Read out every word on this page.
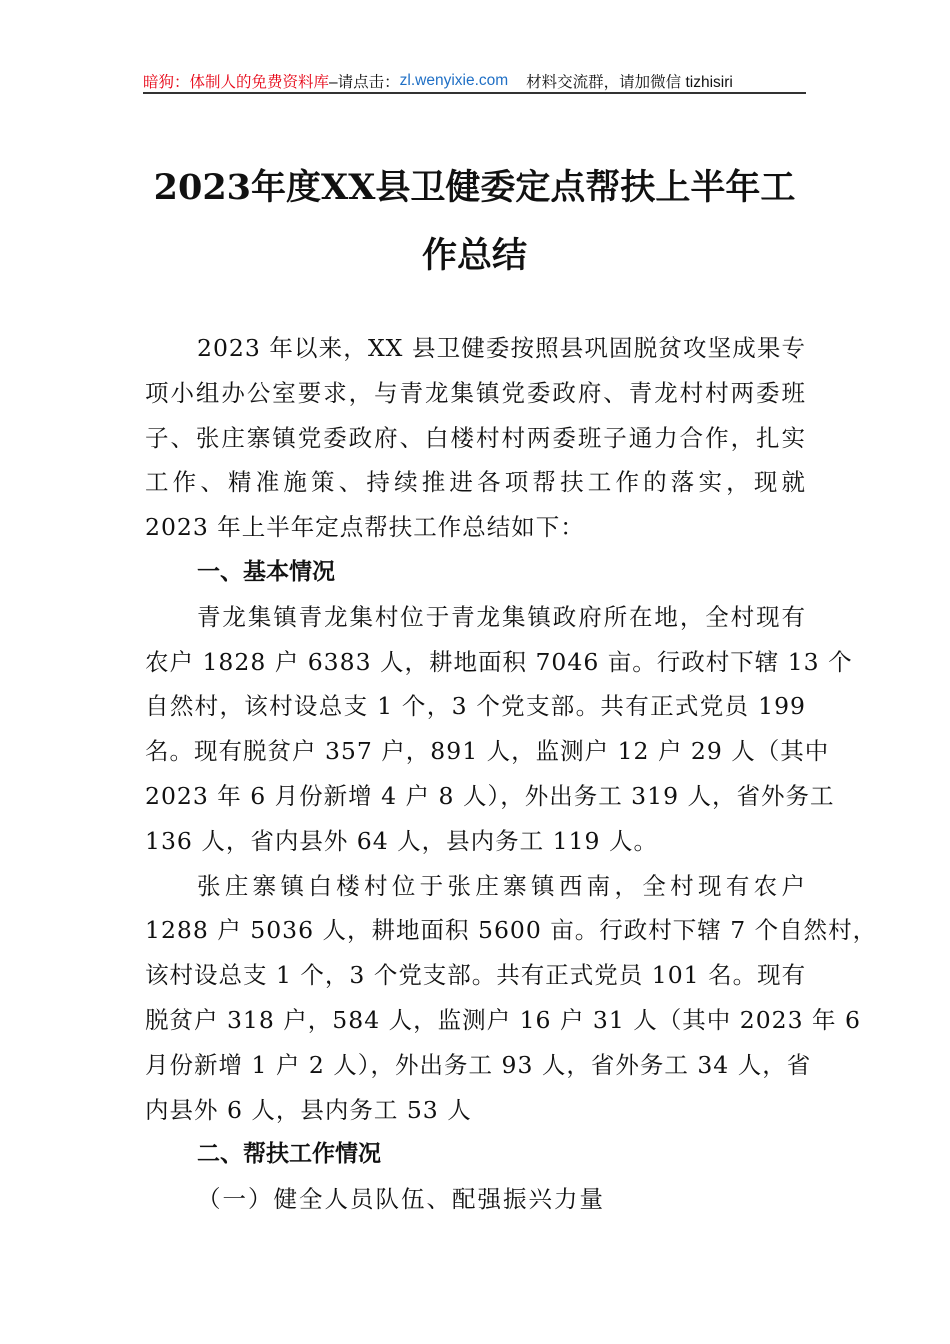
暗狗：体制人的免费资料库 –请点击： zl.wenyixie.com 材料交流群，请加微信 tizhisiri
2023年度XX县卫健委定点帮扶上半年工
作总结
2023 年以来，XX 县卫健委按照县巩固脱贫攻坚成果专
项小组办公室要求，与青龙集镇党委政府、青龙村村两委班
子、张庄寨镇党委政府、白楼村村两委班子通力合作，扎实
工作、精准施策、持续推进各项帮扶工作的落实，现就
2023 年上半年定点帮扶工作总结如下：
一、基本情况
青龙集镇青龙集村位于青龙集镇政府所在地，全村现有
农户 1828 户 6383 人，耕地面积 7046 亩。行政村下辖 13 个
自然村，该村设总支 1 个，3 个党支部。共有正式党员 199
名。现有脱贫户 357 户，891 人，监测户 12 户 29 人（其中
2023 年 6 月份新增 4 户 8 人），外出务工 319 人，省外务工
136 人，省内县外 64 人，县内务工 119 人。
张庄寨镇白楼村位于张庄寨镇西南，全村现有农户
1288 户 5036 人，耕地面积 5600 亩。行政村下辖 7 个自然村，
该村设总支 1 个，3 个党支部。共有正式党员 101 名。现有
脱贫户 318 户，584 人，监测户 16 户 31 人（其中 2023 年 6
月份新增 1 户 2 人），外出务工 93 人，省外务工 34 人，省
内县外 6 人，县内务工 53 人
二、帮扶工作情况
（一）健全人员队伍、配强振兴力量
